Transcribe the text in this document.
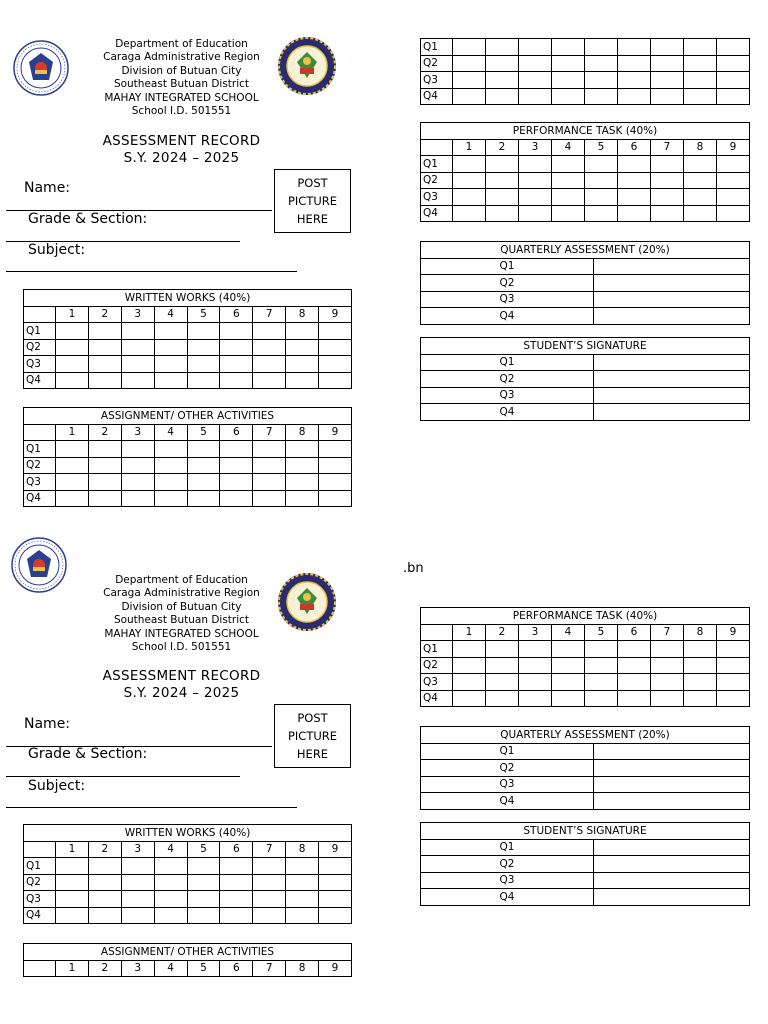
Department of Education
Caraga Administrative Region
Division of Butuan City
Southeast Butuan District
MAHAY INTEGRATED SCHOOL
School I.D. 501551
ASSESSMENT RECORD
S.Y. 2024 – 2025
Name:
Grade & Section:
Subject:
POST
PICTURE
HERE
WRITTEN WORKS (40%)									
	1	2	3	4	5	6	7	8	9
Q1									
Q2									
Q3									
Q4									
ASSIGNMENT/ OTHER ACTIVITIES									
	1	2	3	4	5	6	7	8	9
Q1									
Q2									
Q3									
Q4									
Q1									
Q2									
Q3									
Q4									
PERFORMANCE TASK (40%)									
	1	2	3	4	5	6	7	8	9
Q1									
Q2									
Q3									
Q4									
QUARTERLY ASSESSMENT (20%)	
Q1	
Q2	
Q3	
Q4	
STUDENT’S SIGNATURE	
Q1	
Q2	
Q3	
Q4	
.bn
Department of Education
Caraga Administrative Region
Division of Butuan City
Southeast Butuan District
MAHAY INTEGRATED SCHOOL
School I.D. 501551
ASSESSMENT RECORD
S.Y. 2024 – 2025
Name:
Grade & Section:
Subject:
POST
PICTURE
HERE
WRITTEN WORKS (40%)									
	1	2	3	4	5	6	7	8	9
Q1									
Q2									
Q3									
Q4									
ASSIGNMENT/ OTHER ACTIVITIES
	1	2	3	4	5	6	7	8	9
PERFORMANCE TASK (40%)									
	1	2	3	4	5	6	7	8	9
Q1									
Q2									
Q3									
Q4									
QUARTERLY ASSESSMENT (20%)	
Q1	
Q2	
Q3	
Q4	
STUDENT’S SIGNATURE	
Q1	
Q2	
Q3	
Q4	
